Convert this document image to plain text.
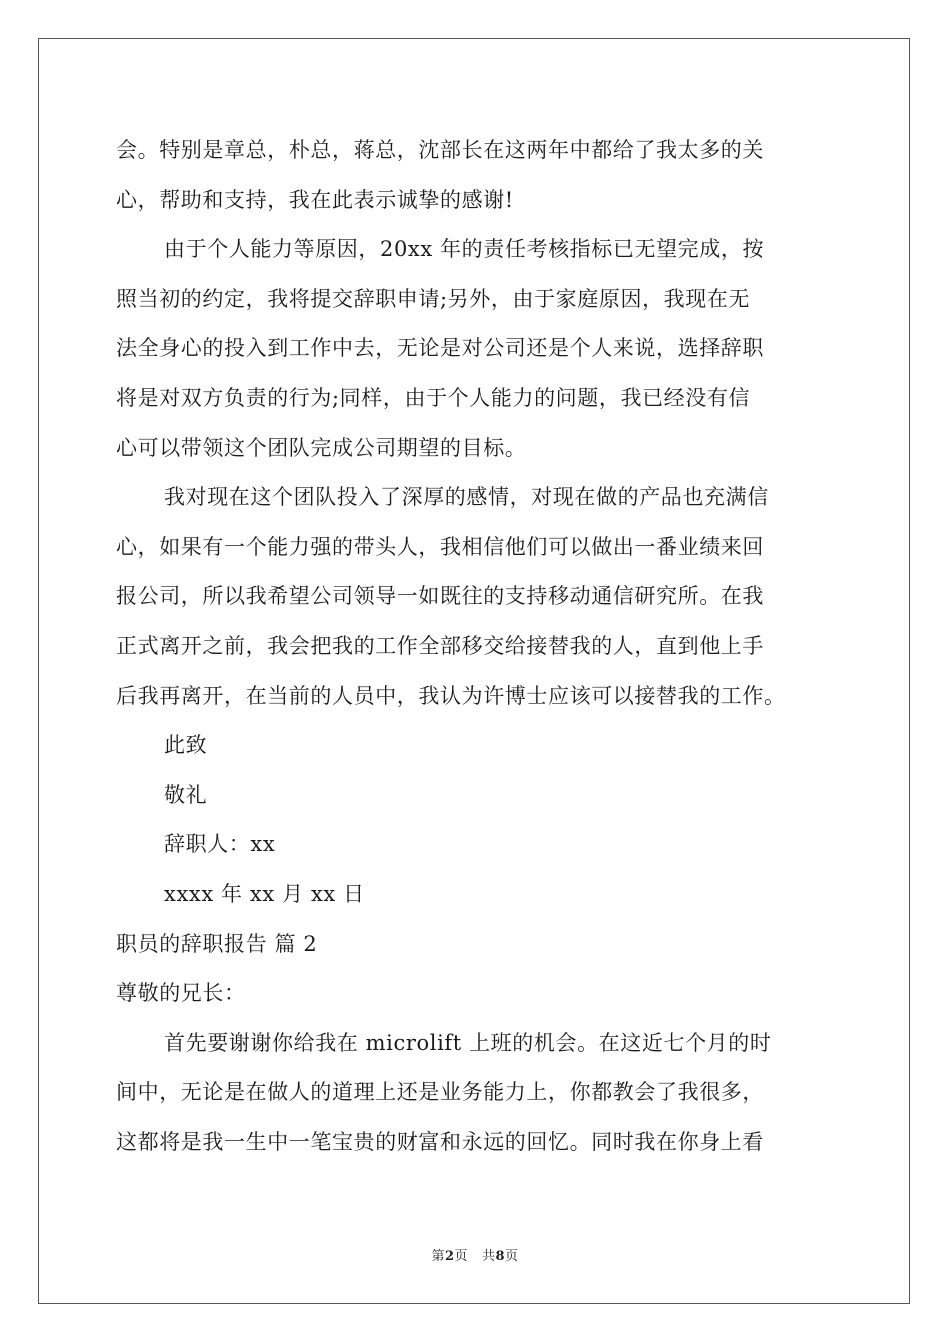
会。特别是章总，朴总，蒋总，沈部长在这两年中都给了我太多的关
心，帮助和支持，我在此表示诚挚的感谢!
由于个人能力等原因，20xx 年的责任考核指标已无望完成，按
照当初的约定，我将提交辞职申请;另外，由于家庭原因，我现在无
法全身心的投入到工作中去，无论是对公司还是个人来说，选择辞职
将是对双方负责的行为;同样，由于个人能力的问题，我已经没有信
心可以带领这个团队完成公司期望的目标。
我对现在这个团队投入了深厚的感情，对现在做的产品也充满信
心，如果有一个能力强的带头人，我相信他们可以做出一番业绩来回
报公司，所以我希望公司领导一如既往的支持移动通信研究所。在我
正式离开之前，我会把我的工作全部移交给接替我的人，直到他上手
后我再离开，在当前的人员中，我认为许博士应该可以接替我的工作。
此致
敬礼
辞职人：xx
xxxx 年 xx 月 xx 日
职员的辞职报告 篇 2
尊敬的兄长：
首先要谢谢你给我在 microlift 上班的机会。在这近七个月的时
间中，无论是在做人的道理上还是业务能力上，你都教会了我很多，
这都将是我一生中一笔宝贵的财富和永远的回忆。同时我在你身上看
第2页 共8页
